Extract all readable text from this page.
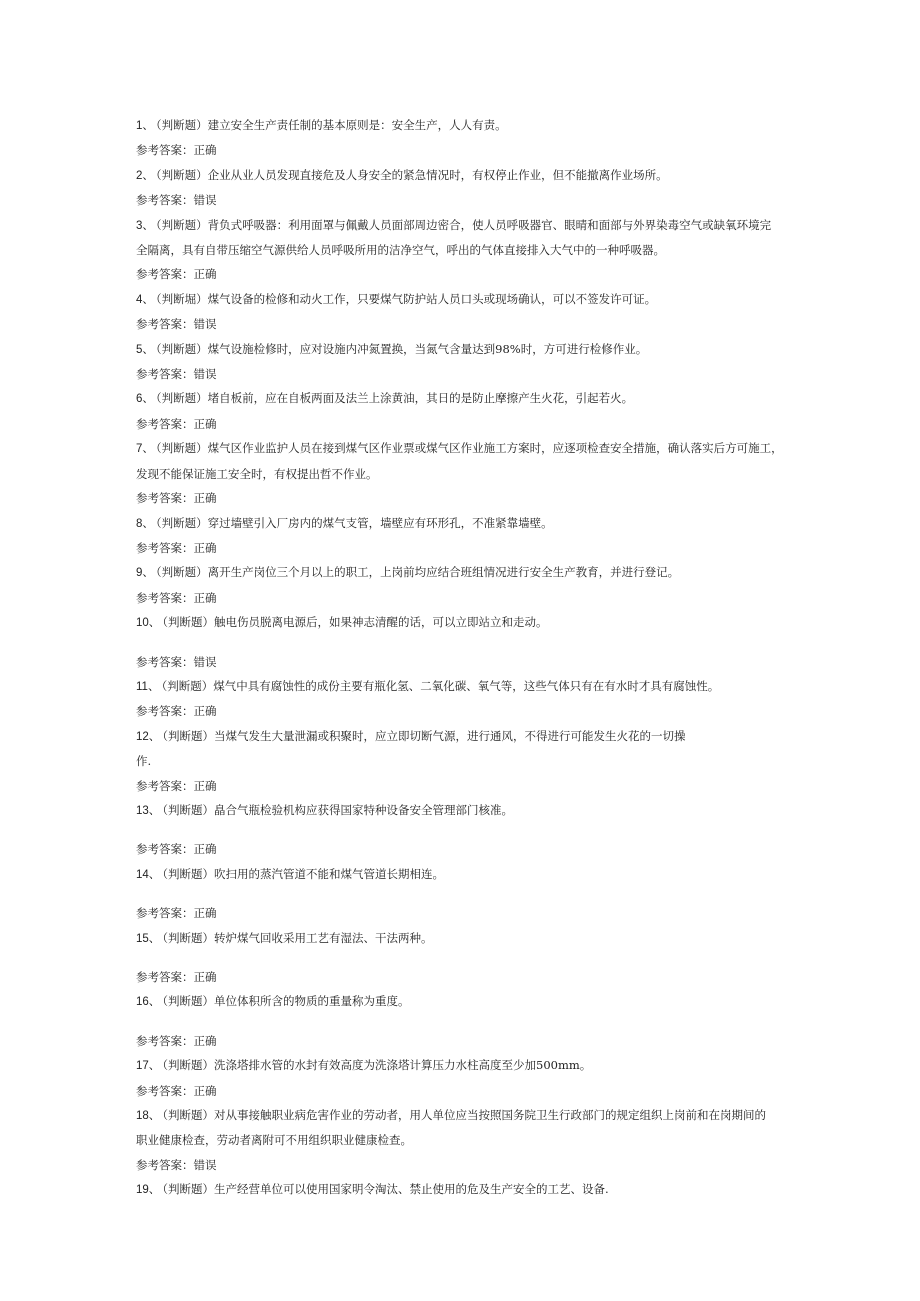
1、 （判断题）建立安全生产责任制的基本原则是：安全生产，人人有责。
参考答案：正确
2、 （判断题）企业从业人员发现直接危及人身安全的紧急情况时，有权停止作业，但不能撤离作业场所。
参考答案：错误
3、 （判断题）背负式呼吸器：利用面罩与佩戴人员面部周边密合，使人员呼吸器官、眼晴和面部与外界染毒空气或缺氧环境完
全隔离，具有自带压缩空气源供给人员呼吸所用的洁净空气，呼出的气体直接排入大气中的一种呼吸器。
参考答案：正确
4、 （判断堀）煤气设备的检修和动火工作，只要煤气防护站人员口头或现场确认，可以不签发许可证。
参考答案：错误
5、 （判断题）煤气设施检修时，应对设施内冲氮置换，当氮气含量达到98%时，方可进行检修作业。
参考答案：错误
6、 （判断题）堵自板前，应在自板两面及法兰上涂黄油，其日的是防止摩擦产生火花，引起若火。
参考答案：正确
7、 （判断题）煤气区作业监护人员在接到煤气区作业票或煤气区作业施工方案时，应逐项检查安全措施，确认落实后方可施工，
发现不能保证施工安全时，有权提出哲不作业。
参考答案：正确
8、 （判断题）穿过墙壁引入厂房内的煤气支管，墙壁应有环形孔，不准紧靠墙壁。
参考答案：正确
9、 （判断题）离开生产岗位三个月以上的职工，上岗前均应结合班组情况进行安全生产教育，并进行登记。
参考答案：正确
10、 （判断题）触电伤员脱离电源后，如果神志清醒的话，可以立即站立和走动。
参考答案：错误
11、 （判断题）煤气中具有腐蚀性的成份主要有瓶化氢、二氧化碳、氧气等，这些气体只有在有水时才具有腐蚀性。
参考答案：正确
12、 （判断题）当煤气发生大量泄漏或积聚时，应立即切断气源，进行通风，不得进行可能发生火花的一切操
作.
参考答案：正确
13、 （判断题）皛合气瓶检验机构应获得国家特种设备安全管理部门核准。
参考答案：正确
14、 （判断题）吹扫用的蒸汽管道不能和煤气管道长期相连。
参考答案：正确
15、 （判断题）转炉煤气回收采用工艺有湿法、干法两种。
参考答案：正确
16、 （判断题）单位体积所含的物质的重量称为重度。
参考答案：正确
17、 （判断题）洗涤塔排水管的水封有效高度为洗涤塔计算压力水柱高度至少加500mm。
参考答案：正确
18、 （判断题）对从事接触职业病危害作业的劳动者，用人单位应当按照国务院卫生行政部门的规定组织上岗前和在岗期间的
职业健康检查，劳动者离附可不用组织职业健康检查。
参考答案：错误
19、 （判断题）生产经营单位可以使用国家明令淘汰、禁止使用的危及生产安全的工艺、设备.
